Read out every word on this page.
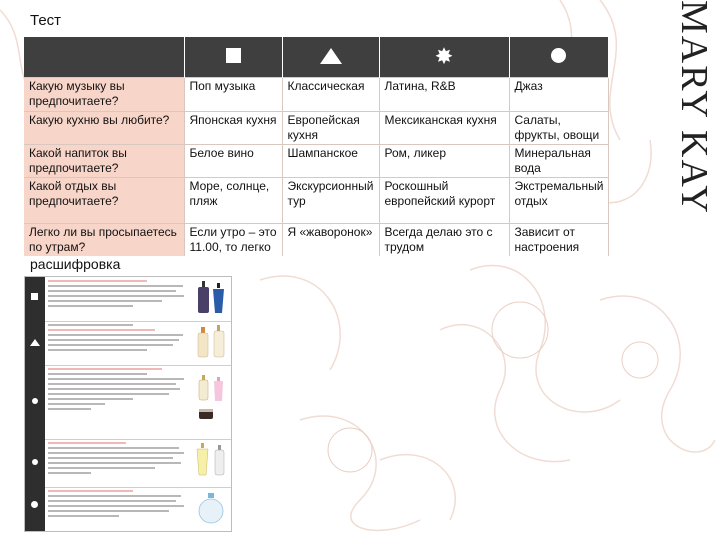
Тест	MARY KAY
			✸	
Какую музыку вы предпочитаете?	Поп музыка	Классическая	Латина, R&B	Джаз
Какую кухню вы любите?	Японская кухня	Европейская кухня	Мексиканская кухня	Салаты, фрукты, овощи
Какой напиток вы предпочитаете?	Белое вино	Шампанское	Ром, ликер	Минеральная вода
Какой отдых вы предпочитаете?	Море, солнце, пляж	Экскурсионный тур	Роскошный европейский курорт	Экстремальный отдых
Легко ли вы просыпаетесь по утрам?	Если утро – это 11.00, то легко	Я «жаворонок»	Всегда делаю это с трудом	Зависит от настроения
расшифровка
